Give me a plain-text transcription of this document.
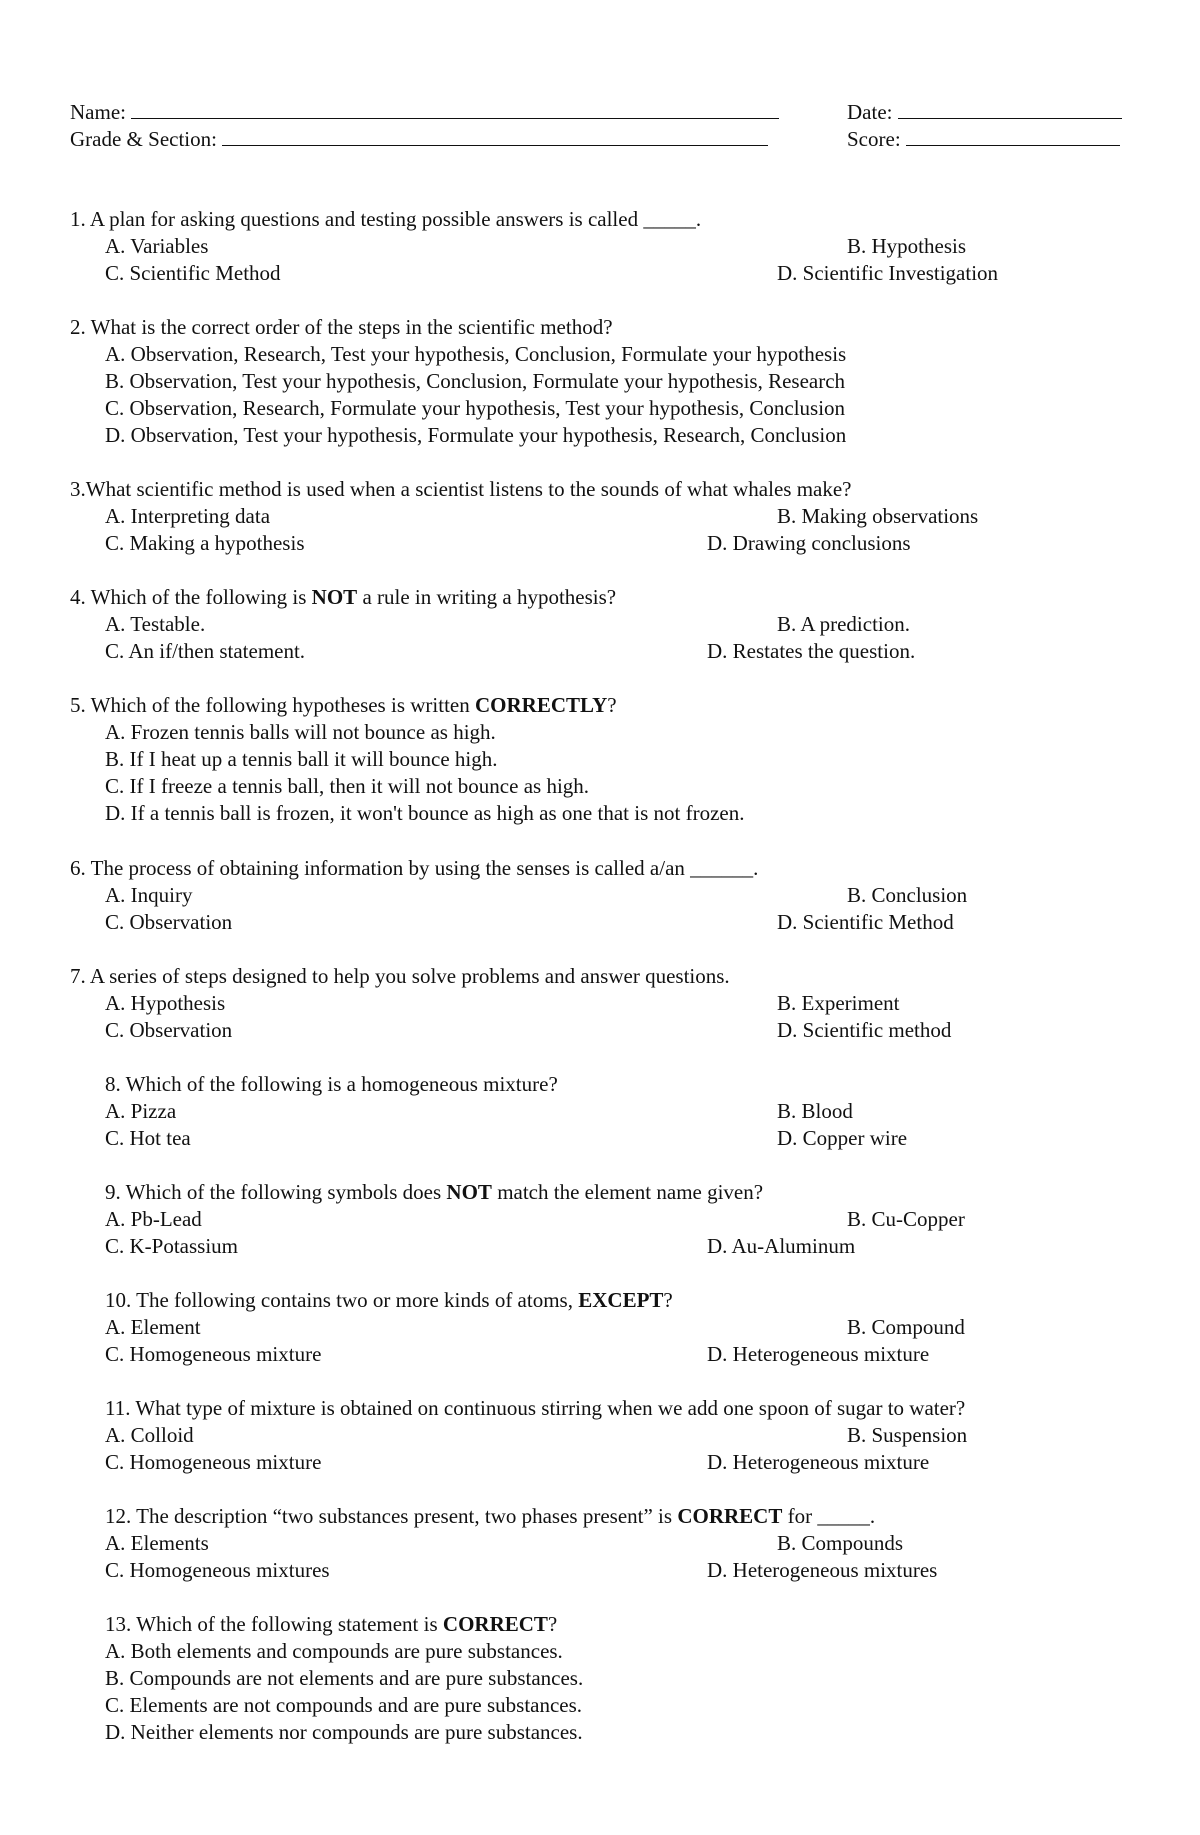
Name:	Date:
Grade & Section:	Score:
1. A plan for asking questions and testing possible answers is called _____.
A. Variables	B. Hypothesis
C. Scientific Method	D. Scientific Investigation
2. What is the correct order of the steps in the scientific method?
A. Observation, Research, Test your hypothesis, Conclusion, Formulate your hypothesis
B. Observation, Test your hypothesis, Conclusion, Formulate your hypothesis, Research
C. Observation, Research, Formulate your hypothesis, Test your hypothesis, Conclusion
D. Observation, Test your hypothesis, Formulate your hypothesis, Research, Conclusion
3.What scientific method is used when a scientist listens to the sounds of what whales make?
A. Interpreting data	B. Making observations
C. Making a hypothesis	D. Drawing conclusions
4. Which of the following is NOT a rule in writing a hypothesis?
A. Testable.	B. A prediction.
C. An if/then statement.	D. Restates the question.
5. Which of the following hypotheses is written CORRECTLY?
A. Frozen tennis balls will not bounce as high.
B. If I heat up a tennis ball it will bounce high.
C. If I freeze a tennis ball, then it will not bounce as high.
D. If a tennis ball is frozen, it won't bounce as high as one that is not frozen.
6. The process of obtaining information by using the senses is called a/an ______.
A. Inquiry	B. Conclusion
C. Observation	D. Scientific Method
7. A series of steps designed to help you solve problems and answer questions.
A. Hypothesis	B. Experiment
C. Observation	D. Scientific method
8. Which of the following is a homogeneous mixture?
A. Pizza	B. Blood
C. Hot tea	D. Copper wire
9. Which of the following symbols does NOT match the element name given?
A. Pb-Lead	B. Cu-Copper
C. K-Potassium	D. Au-Aluminum
10. The following contains two or more kinds of atoms, EXCEPT?
A. Element	B. Compound
C. Homogeneous mixture	D. Heterogeneous mixture
11. What type of mixture is obtained on continuous stirring when we add one spoon of sugar to water?
A. Colloid	B. Suspension
C. Homogeneous mixture	D. Heterogeneous mixture
12. The description “two substances present, two phases present” is CORRECT for _____.
A. Elements	B. Compounds
C. Homogeneous mixtures	D. Heterogeneous mixtures
13. Which of the following statement is CORRECT?
A. Both elements and compounds are pure substances.
B. Compounds are not elements and are pure substances.
C. Elements are not compounds and are pure substances.
D. Neither elements nor compounds are pure substances.
